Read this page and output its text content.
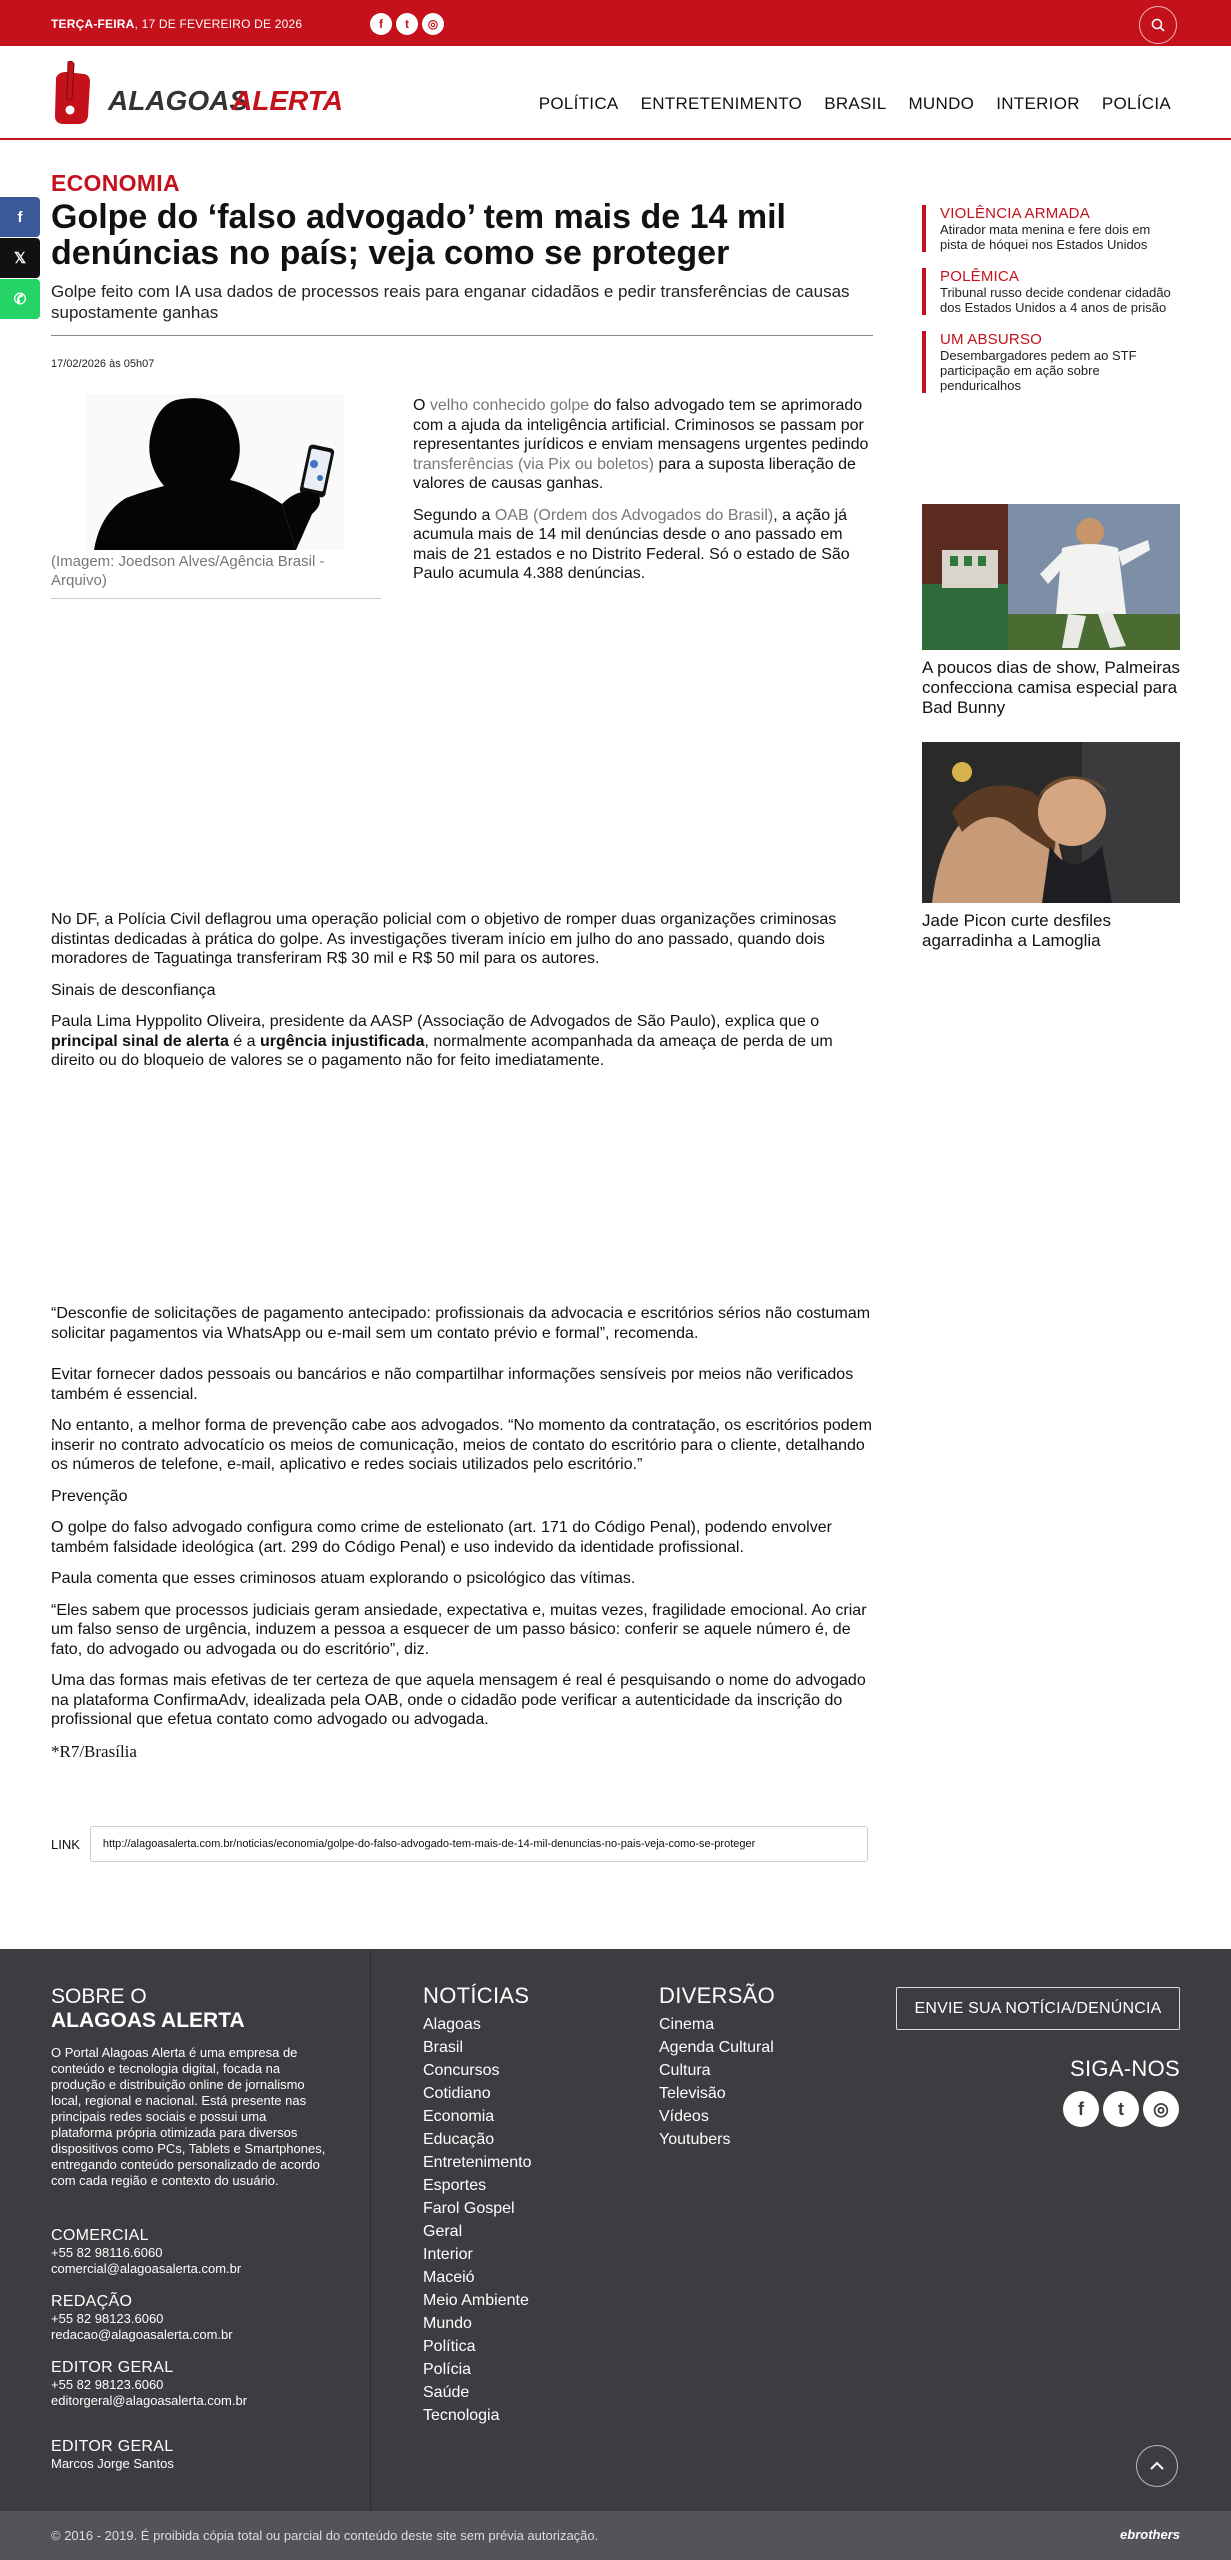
TERÇA-FEIRA, 17 DE FEVEREIRO DE 2026	f	t	◎
ALAGOAS
ALERTA	POLÍTICA ENTRETENIMENTO BRASIL MUNDO INTERIOR POLÍCIA
f
𝕏
✆
ECONOMIA
Golpe do ‘falso advogado’ tem mais de 14 mil denúncias no país; veja como se proteger
Golpe feito com IA usa dados de processos reais para enganar cidadãos e pedir transferências de causas supostamente ganhas
17/02/2026 às 05h07
(Imagem: Joedson Alves/Agência Brasil - Arquivo)

O velho conhecido golpe do falso advogado tem se aprimorado com a ajuda da inteligência artificial. Criminosos se passam por representantes jurídicos e enviam mensagens urgentes pedindo transferências (via Pix ou boletos) para a suposta liberação de valores de causas ganhas.

Segundo a OAB (Ordem dos Advogados do Brasil), a ação já acumula mais de 14 mil denúncias desde o ano passado em mais de 21 estados e no Distrito Federal. Só o estado de São Paulo acumula 4.388 denúncias.

No DF, a Polícia Civil deflagrou uma operação policial com o objetivo de romper duas organizações criminosas distintas dedicadas à prática do golpe. As investigações tiveram início em julho do ano passado, quando dois moradores de Taguatinga transferiram R$ 30 mil e R$ 50 mil para os autores.

Sinais de desconfiança

Paula Lima Hyppolito Oliveira, presidente da AASP (Associação de Advogados de São Paulo), explica que o principal sinal de alerta é a urgência injustificada, normalmente acompanhada da ameaça de perda de um direito ou do bloqueio de valores se o pagamento não for feito imediatamente.

“Desconfie de solicitações de pagamento antecipado: profissionais da advocacia e escritórios sérios não costumam solicitar pagamentos via WhatsApp ou e-mail sem um contato prévio e formal”, recomenda.

Evitar fornecer dados pessoais ou bancários e não compartilhar informações sensíveis por meios não verificados também é essencial.

No entanto, a melhor forma de prevenção cabe aos advogados. “No momento da contratação, os escritórios podem inserir no contrato advocatício os meios de comunicação, meios de contato do escritório para o cliente, detalhando os números de telefone, e-mail, aplicativo e redes sociais utilizados pelo escritório.”

Prevenção

O golpe do falso advogado configura como crime de estelionato (art. 171 do Código Penal), podendo envolver também falsidade ideológica (art. 299 do Código Penal) e uso indevido da identidade profissional.

Paula comenta que esses criminosos atuam explorando o psicológico das vítimas.

“Eles sabem que processos judiciais geram ansiedade, expectativa e, muitas vezes, fragilidade emocional. Ao criar um falso senso de urgência, induzem a pessoa a esquecer de um passo básico: conferir se aquele número é, de fato, do advogado ou advogada ou do escritório”, diz.

Uma das formas mais efetivas de ter certeza de que aquela mensagem é real é pesquisando o nome do advogado na plataforma ConfirmaAdv, idealizada pela OAB, onde o cidadão pode verificar a autenticidade da inscrição do profissional que efetua contato como advogado ou advogada.

*R7/Brasília

LINK	http://alagoasalerta.com.br/noticias/economia/golpe-do-falso-advogado-tem-mais-de-14-mil-denuncias-no-pais-veja-como-se-proteger
VIOLÊNCIA ARMADA
Atirador mata menina e fere dois em pista de hóquei nos Estados Unidos
POLÊMICA
Tribunal russo decide condenar cidadão dos Estados Unidos a 4 anos de prisão
UM ABSURSO
Desembargadores pedem ao STF participação em ação sobre penduricalhos
A poucos dias de show, Palmeiras confecciona camisa especial para Bad Bunny
Jade Picon curte desfiles agarradinha a Lamoglia
SOBRE O
ALAGOAS ALERTA

O Portal Alagoas Alerta é uma empresa de conteúdo e tecnologia digital, focada na produção e distribuição online de jornalismo local, regional e nacional. Está presente nas principais redes sociais e possui uma plataforma própria otimizada para diversos dispositivos como PCs, Tablets e Smartphones, entregando conteúdo personalizado de acordo com cada região e contexto do usuário.

COMERCIAL
+55 82 98116.6060
comercial@alagoasalerta.com.br
REDAÇÃO
+55 82 98123.6060
redacao@alagoasalerta.com.br
EDITOR GERAL
+55 82 98123.6060
editorgeral@alagoasalerta.com.br
EDITOR GERAL
Marcos Jorge Santos
NOTÍCIAS
Alagoas
Brasil
Concursos
Cotidiano
Economia
Educação
Entretenimento
Esportes
Farol Gospel
Geral
Interior
Maceió
Meio Ambiente
Mundo
Política
Polícia
Saúde
Tecnologia
DIVERSÃO
Cinema
Agenda Cultural
Cultura
Televisão
Vídeos
Youtubers
ENVIE SUA NOTÍCIA/DENÚNCIA
SIGA-NOS
f	t	◎
© 2016 - 2019. É proibida cópia total ou parcial do conteúdo deste site sem prévia autorização.	ebrothers
